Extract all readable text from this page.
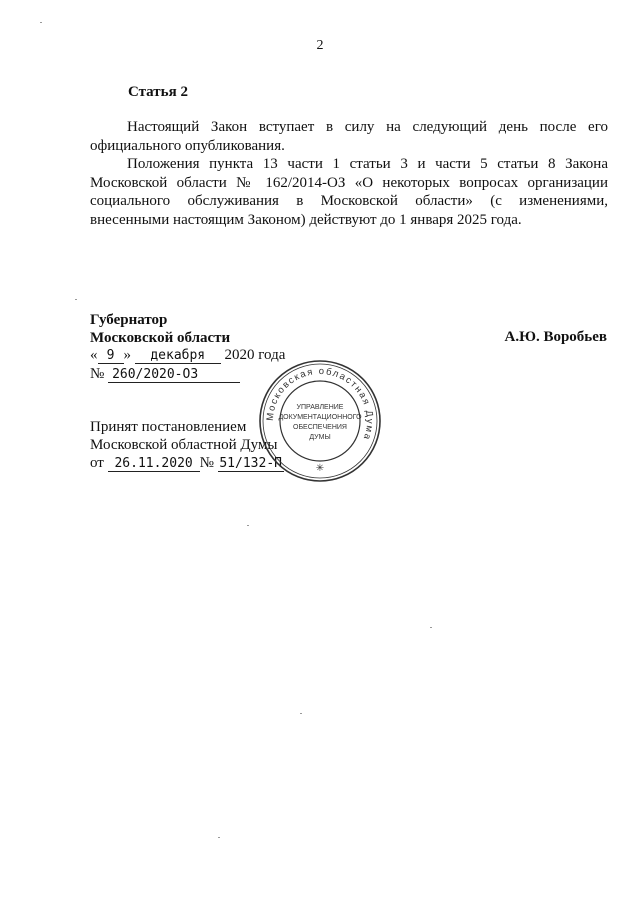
2
Статья 2

Настоящий Закон вступает в силу на следующий день после его официального опубликования.

Положения пункта 13 части 1 статьи 3 и части 5 статьи 8 Закона Московской области № 162/2014-ОЗ «О некоторых вопросах организации социального обслуживания в Московской области» (с изменениями, внесенными настоящим Законом) действуют до 1 января 2025 года.

Губернатор
Московской области	А.Ю. Воробьев
« 9 » декабря 2020 года
№ 260/2020-ОЗ
Принят постановлением
Московской областной Думы
от 26.11.2020 № 51/132-П
Московская областная Дума
УПРАВЛЕНИЕ
ДОКУМЕНТАЦИОННОГО
ОБЕСПЕЧЕНИЯ
ДУМЫ
✳
